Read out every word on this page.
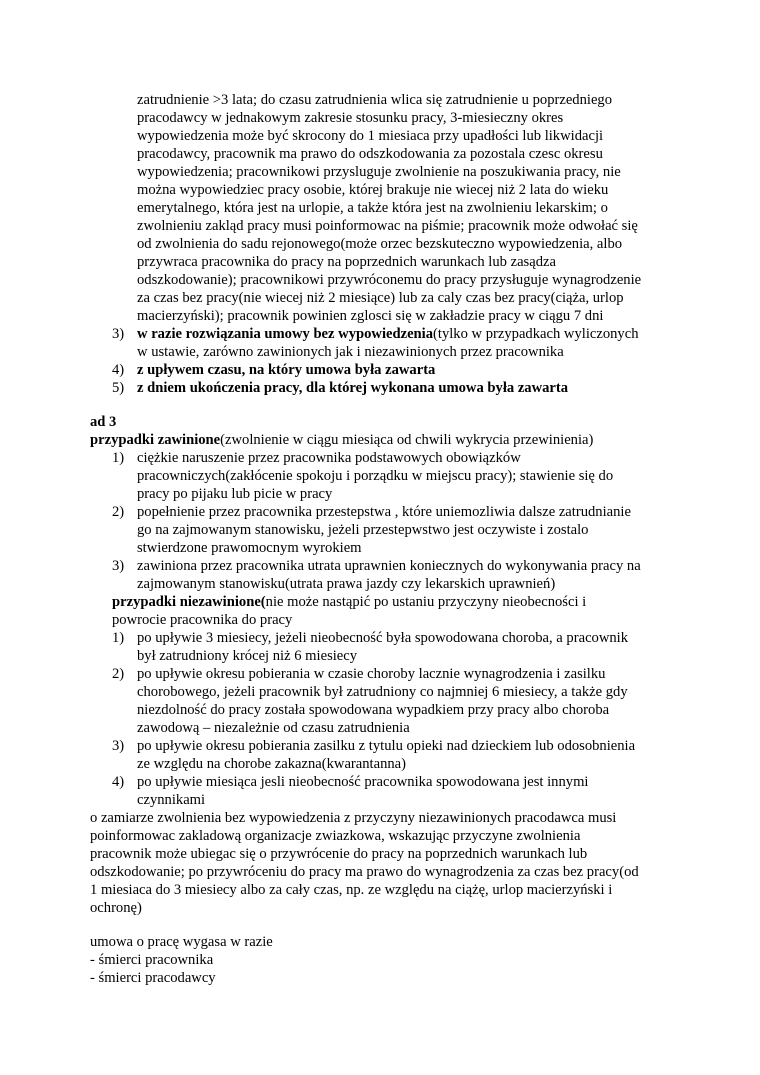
zatrudnienie >3 lata; do czasu zatrudnienia wlica się zatrudnienie u poprzedniego
pracodawcy w jednakowym zakresie stosunku pracy, 3-miesieczny okres
wypowiedzenia może być skrocony do 1 miesiaca przy upadłości lub likwidacji
pracodawcy, pracownik ma prawo do odszkodowania za pozostala czesc okresu
wypowiedzenia; pracownikowi przysluguje zwolnienie na poszukiwania pracy, nie
można wypowiedziec pracy osobie, której brakuje nie wiecej niż 2 lata do wieku
emerytalnego, która jest na urlopie, a także która jest na zwolnieniu lekarskim; o
zwolnieniu zakląd pracy musi poinformowac na piśmie; pracownik może odwołać się
od zwolnienia do sadu rejonowego(może orzec bezskuteczno wypowiedzenia, albo
przywraca pracownika do pracy na poprzednich warunkach lub zasądza
odszkodowanie); pracownikowi przywróconemu do pracy przysługuje wynagrodzenie
za czas bez pracy(nie wiecej niż 2 miesiące) lub za caly czas bez pracy(ciąża, urlop
macierzyński); pracownik powinien zglosci się w zakładzie pracy w ciągu 7 dni
3) w razie rozwiązania umowy bez wypowiedzenia(tylko w przypadkach wyliczonych
w ustawie, zarówno zawinionych jak i niezawinionych przez pracownika
4) z upływem czasu, na który umowa była zawarta
5) z dniem ukończenia pracy, dla której wykonana umowa była zawarta
ad 3
przypadki zawinione(zwolnienie w ciągu miesiąca od chwili wykrycia przewinienia)
1) ciężkie naruszenie przez pracownika podstawowych obowiązków
pracowniczych(zakłócenie spokoju i porządku w miejscu pracy); stawienie się do
pracy po pijaku lub picie w pracy
2) popełnienie przez pracownika przestepstwa , które uniemozliwia dalsze zatrudnianie
go na zajmowanym stanowisku, jeżeli przestepwstwo jest oczywiste i zostalo
stwierdzone prawomocnym wyrokiem
3) zawiniona przez pracownika utrata uprawnien koniecznych do wykonywania pracy na
zajmowanym stanowisku(utrata prawa jazdy czy lekarskich uprawnień)
przypadki niezawinione(nie może nastąpić po ustaniu przyczyny nieobecności i
powrocie pracownika do pracy
1) po upływie 3 miesiecy, jeżeli nieobecność była spowodowana choroba, a pracownik
był zatrudniony krócej niż 6 miesiecy
2) po upływie okresu pobierania w czasie choroby lacznie wynagrodzenia i zasilku
chorobowego, jeżeli pracownik był zatrudniony co najmniej 6 miesiecy, a także gdy
niezdolność do pracy została spowodowana wypadkiem przy pracy albo choroba
zawodową – niezależnie od czasu zatrudnienia
3) po upływie okresu pobierania zasilku z tytulu opieki nad dzieckiem lub odosobnienia
ze względu na chorobe zakazna(kwarantanna)
4) po upływie miesiąca jesli nieobecność pracownika spowodowana jest innymi
czynnikami
o zamiarze zwolnienia bez wypowiedzenia z przyczyny niezawinionych pracodawca musi
poinformowac zakladową organizacje zwiazkowa, wskazując przyczyne zwolnienia
pracownik może ubiegac się o przywrócenie do pracy na poprzednich warunkach lub
odszkodowanie; po przywróceniu do pracy ma prawo do wynagrodzenia za czas bez pracy(od
1 miesiaca do 3 miesiecy albo za cały czas, np. ze względu na ciążę, urlop macierzyński i
ochronę)
umowa o pracę wygasa w razie
- śmierci pracownika
- śmierci pracodawcy
